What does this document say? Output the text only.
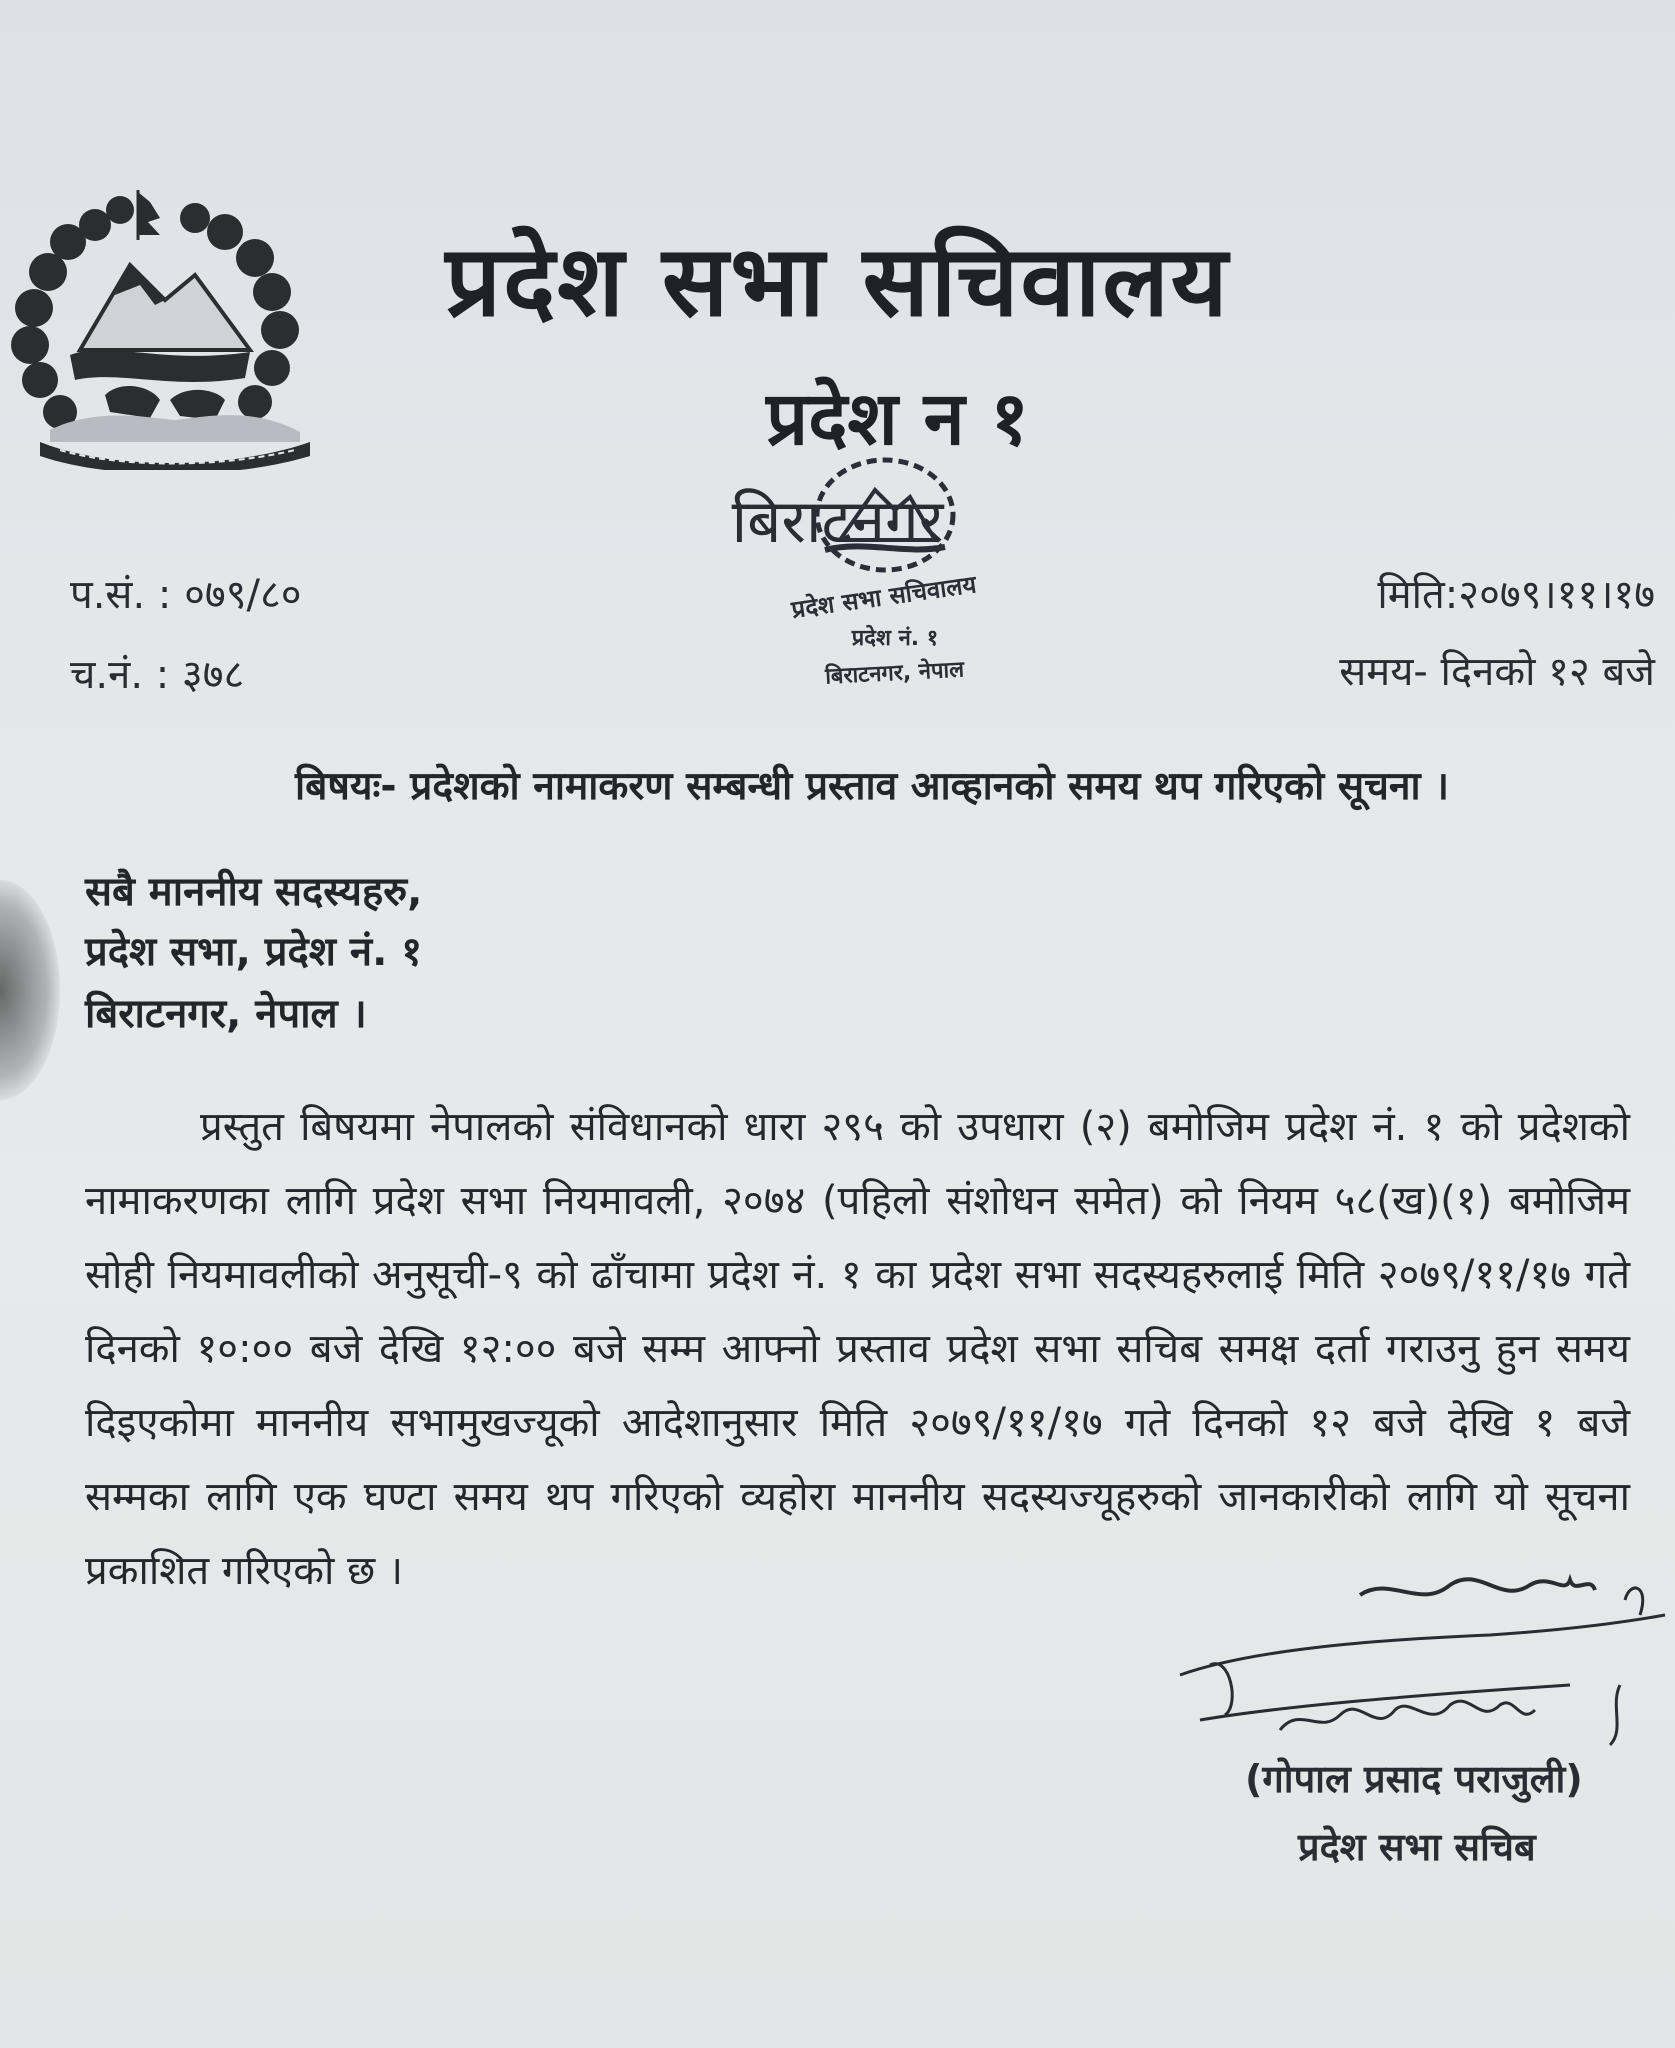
प्रदेश सभा सचिवालय
प्रदेश न १
बिराटनगर
प्रदेश सभा सचिवालय
प्रदेश नं. १
बिराटनगर, नेपाल
प.सं. : ०७९/८०
च.नं. : ३७८
मिति:२०७९।११।१७
समय- दिनको १२ बजे
बिषयः- प्रदेशको नामाकरण सम्बन्धी प्रस्ताव आव्हानको समय थप गरिएको सूचना ।
सबै माननीय सदस्यहरु,
प्रदेश सभा, प्रदेश नं. १
बिराटनगर, नेपाल ।
प्रस्तुत बिषयमा नेपालको संविधानको धारा २९५ को उपधारा (२) बमोजिम प्रदेश नं. १ को प्रदेशको नामाकरणका लागि प्रदेश सभा नियमावली, २०७४ (पहिलो संशोधन समेत) को नियम ५८(ख)(१) बमोजिम सोही नियमावलीको अनुसूची-९ को ढाँचामा प्रदेश नं. १ का प्रदेश सभा सदस्यहरुलाई मिति २०७९/११/१७ गते दिनको १०:०० बजे देखि १२:०० बजे सम्म आफ्नो प्रस्ताव प्रदेश सभा सचिब समक्ष दर्ता गराउनु हुन समय दिइएकोमा माननीय सभामुखज्यूको आदेशानुसार मिति २०७९/११/१७ गते दिनको १२ बजे देखि १ बजे सम्मका लागि एक घण्टा समय थप गरिएको व्यहोरा माननीय सदस्यज्यूहरुको जानकारीको लागि यो सूचना प्रकाशित गरिएको छ ।
(गोपाल प्रसाद पराजुली)
प्रदेश सभा सचिब
